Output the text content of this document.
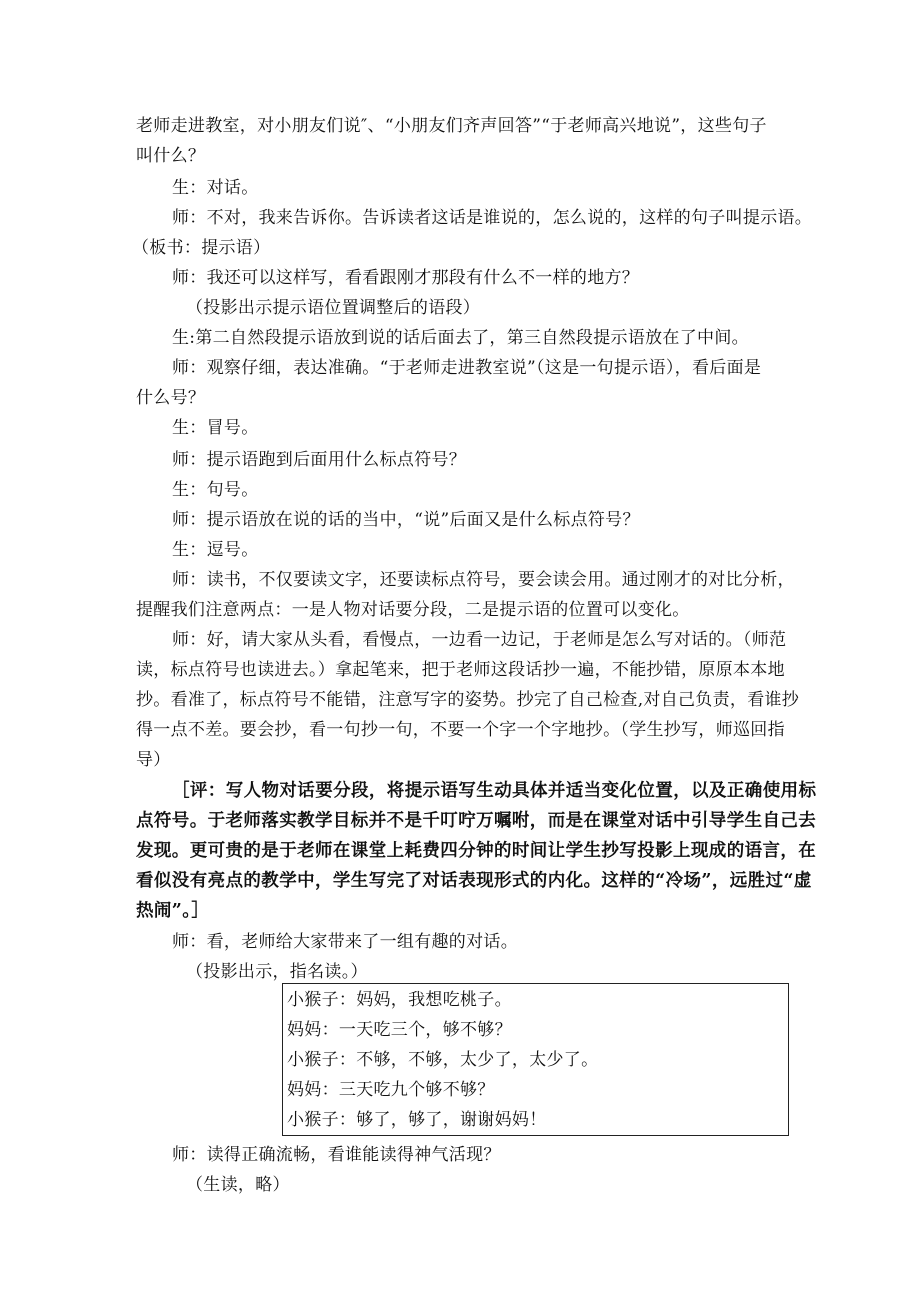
老师走进教室，对小朋友们说″、“小朋友们齐声回答”“于老师高兴地说”，这些句子
叫什么？
生：对话。
师：不对，我来告诉你。告诉读者这话是谁说的，怎么说的，这样的句子叫提示语。
（板书：提示语）
师：我还可以这样写，看看跟刚才那段有什么不一样的地方？
（投影出示提示语位置调整后的语段）
生:第二自然段提示语放到说的话后面去了，第三自然段提示语放在了中间。
师：观察仔细，表达准确。“于老师走进教室说”（这是一句提示语），看后面是
什么号？
生：冒号。
师：提示语跑到后面用什么标点符号？
生：句号。
师：提示语放在说的话的当中，“说”后面又是什么标点符号？
生：逗号。
师：读书，不仅要读文字，还要读标点符号，要会读会用。通过刚才的对比分析，
提醒我们注意两点：一是人物对话要分段，二是提示语的位置可以变化。
师：好，请大家从头看，看慢点，一边看一边记，于老师是怎么写对话的。（师范
读，标点符号也读进去。）拿起笔来，把于老师这段话抄一遍，不能抄错，原原本本地
抄。看准了，标点符号不能错，注意写字的姿势。抄完了自己检查,对自己负责，看谁抄
得一点不差。要会抄，看一句抄一句，不要一个字一个字地抄。（学生抄写，师巡回指
导）
［评：写人物对话要分段，将提示语写生动具体并适当变化位置，以及正确使用标
点符号。于老师落实教学目标并不是千叮咛万嘱咐，而是在课堂对话中引导学生自己去
发现。更可贵的是于老师在课堂上耗费四分钟的时间让学生抄写投影上现成的语言，在
看似没有亮点的教学中，学生写完了对话表现形式的内化。这样的“冷场”，远胜过“虚
热闹”。］
师：看，老师给大家带来了一组有趣的对话。
（投影出示，指名读。）
小猴子：妈妈，我想吃桃子。
妈妈：一天吃三个，够不够？
小猴子：不够，不够，太少了，太少了。
妈妈：三天吃九个够不够？
小猴子：够了，够了，谢谢妈妈！
师：读得正确流畅，看谁能读得神气活现？
（生读，略）
